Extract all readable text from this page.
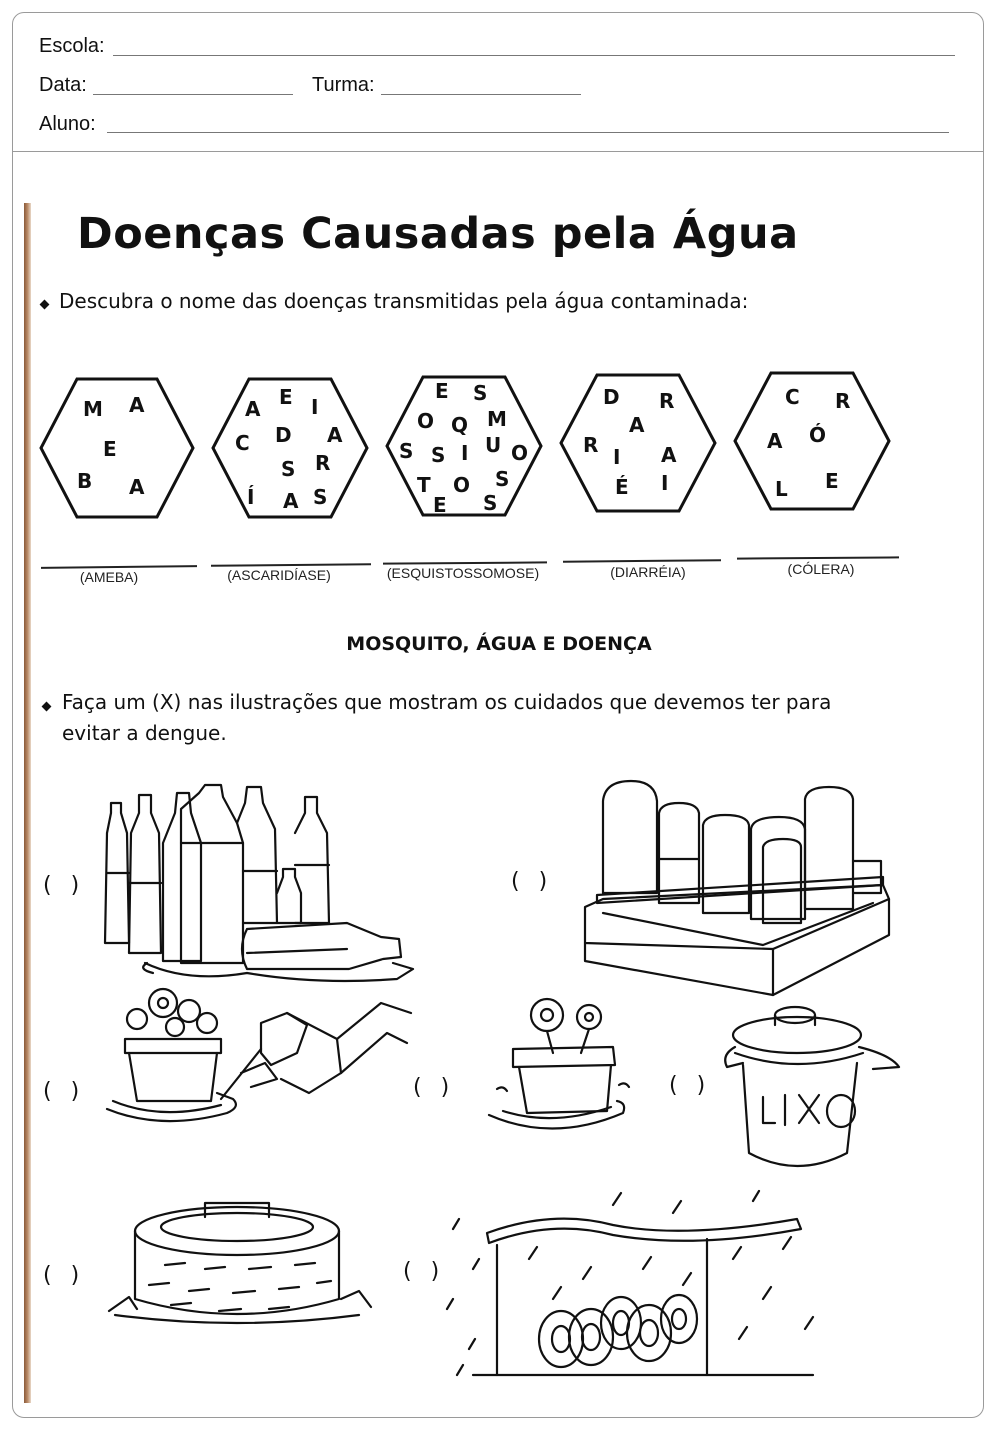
Escola:
Data:	Turma:
Aluno:
Doenças Causadas pela Água
Descubra o nome das doenças transmitidas pela água contaminada:
M A
E
B A
A E I
C D A
S R
Í A S
E S
O Q M
S S I U O
T O S
E S
D R
A
R I A
É I
C R
A Ó
L E
(AMEBA)	(ASCARIDÍASE)	(ESQUISTOSSOMOSE)	(DIARRÉIA)	(CÓLERA)
MOSQUITO, ÁGUA E DOENÇA
Faça um (X) nas ilustrações que mostram os cuidados que devemos ter para
evitar a dengue.
( )	( )
( )	( )	( )
( )	( )
